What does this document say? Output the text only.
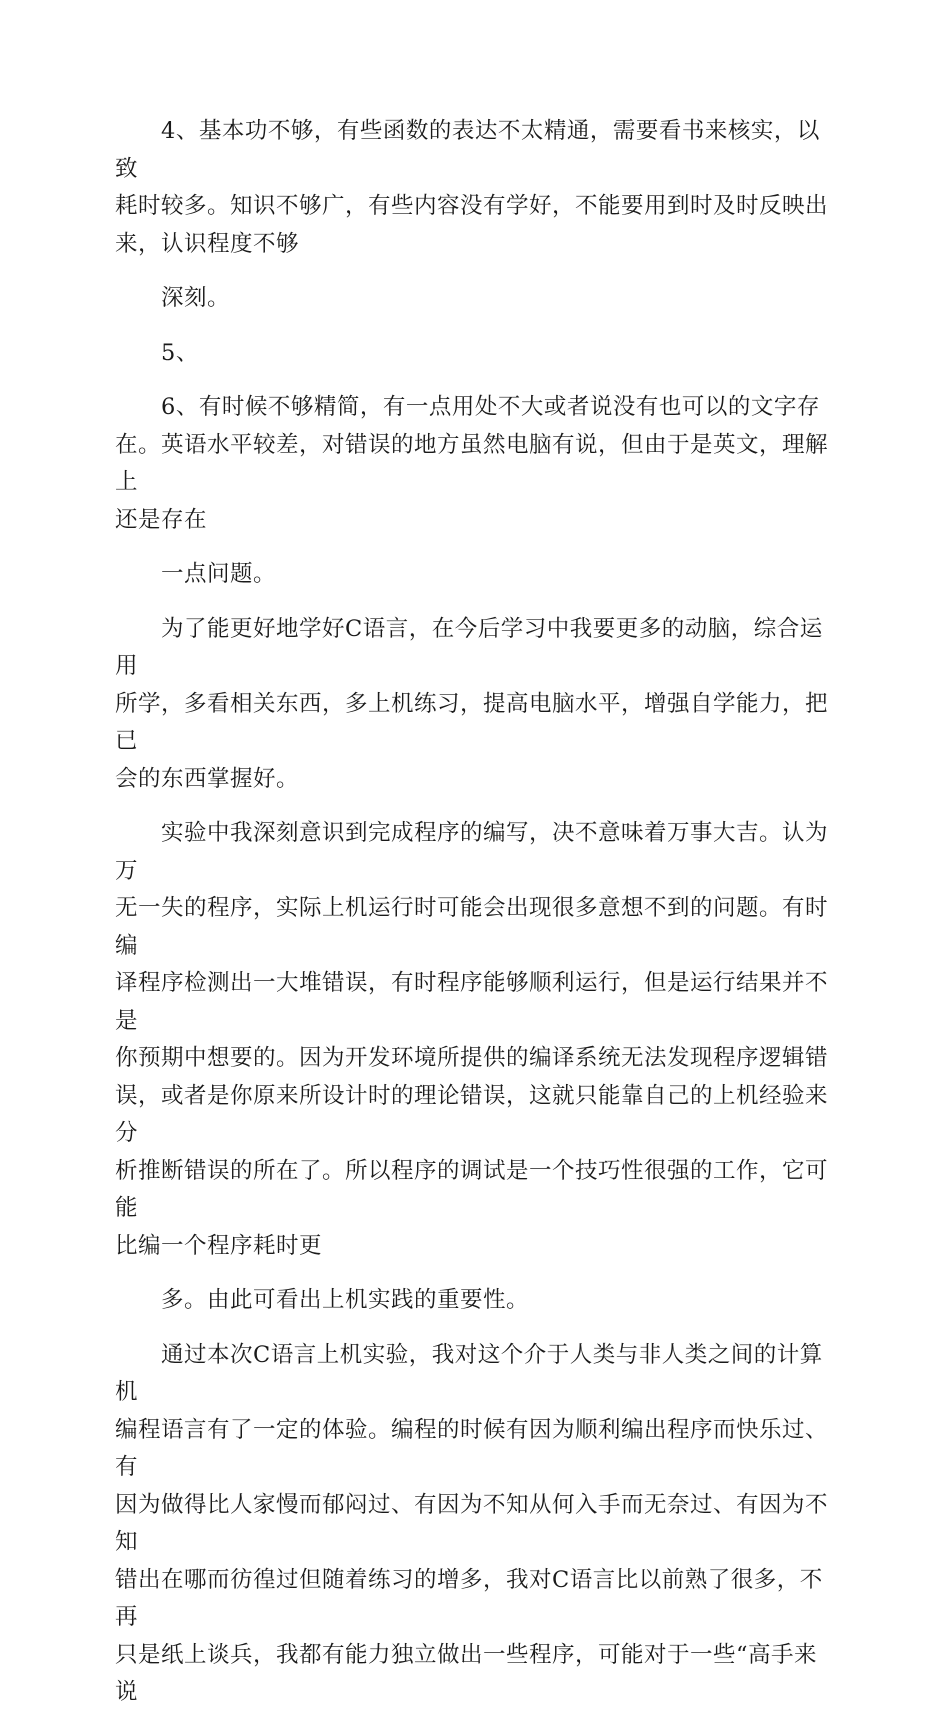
4、基本功不够，有些函数的表达不太精通，需要看书来核实，以致
耗时较多。知识不够广，有些内容没有学好，不能要用到时及时反映出
来，认识程度不够

深刻。

5、

6、有时候不够精简，有一点用处不大或者说没有也可以的文字存
在。英语水平较差，对错误的地方虽然电脑有说，但由于是英文，理解上
还是存在

一点问题。

为了能更好地学好C语言，在今后学习中我要更多的动脑，综合运用
所学，多看相关东西，多上机练习，提高电脑水平，增强自学能力，把已
会的东西掌握好。

实验中我深刻意识到完成程序的编写，决不意味着万事大吉。认为万
无一失的程序，实际上机运行时可能会出现很多意想不到的问题。有时编
译程序检测出一大堆错误，有时程序能够顺利运行，但是运行结果并不是
你预期中想要的。因为开发环境所提供的编译系统无法发现程序逻辑错
误，或者是你原来所设计时的理论错误，这就只能靠自己的上机经验来分
析推断错误的所在了。所以程序的调试是一个技巧性很强的工作，它可能
比编一个程序耗时更

多。由此可看出上机实践的重要性。

通过本次C语言上机实验，我对这个介于人类与非人类之间的计算机
编程语言有了一定的体验。编程的时候有因为顺利编出程序而快乐过、有
因为做得比人家慢而郁闷过、有因为不知从何入手而无奈过、有因为不知
错出在哪而彷徨过但随着练习的增多，我对C语言比以前熟了很多，不再
只是纸上谈兵，我都有能力独立做出一些程序，可能对于一些“高手来说
